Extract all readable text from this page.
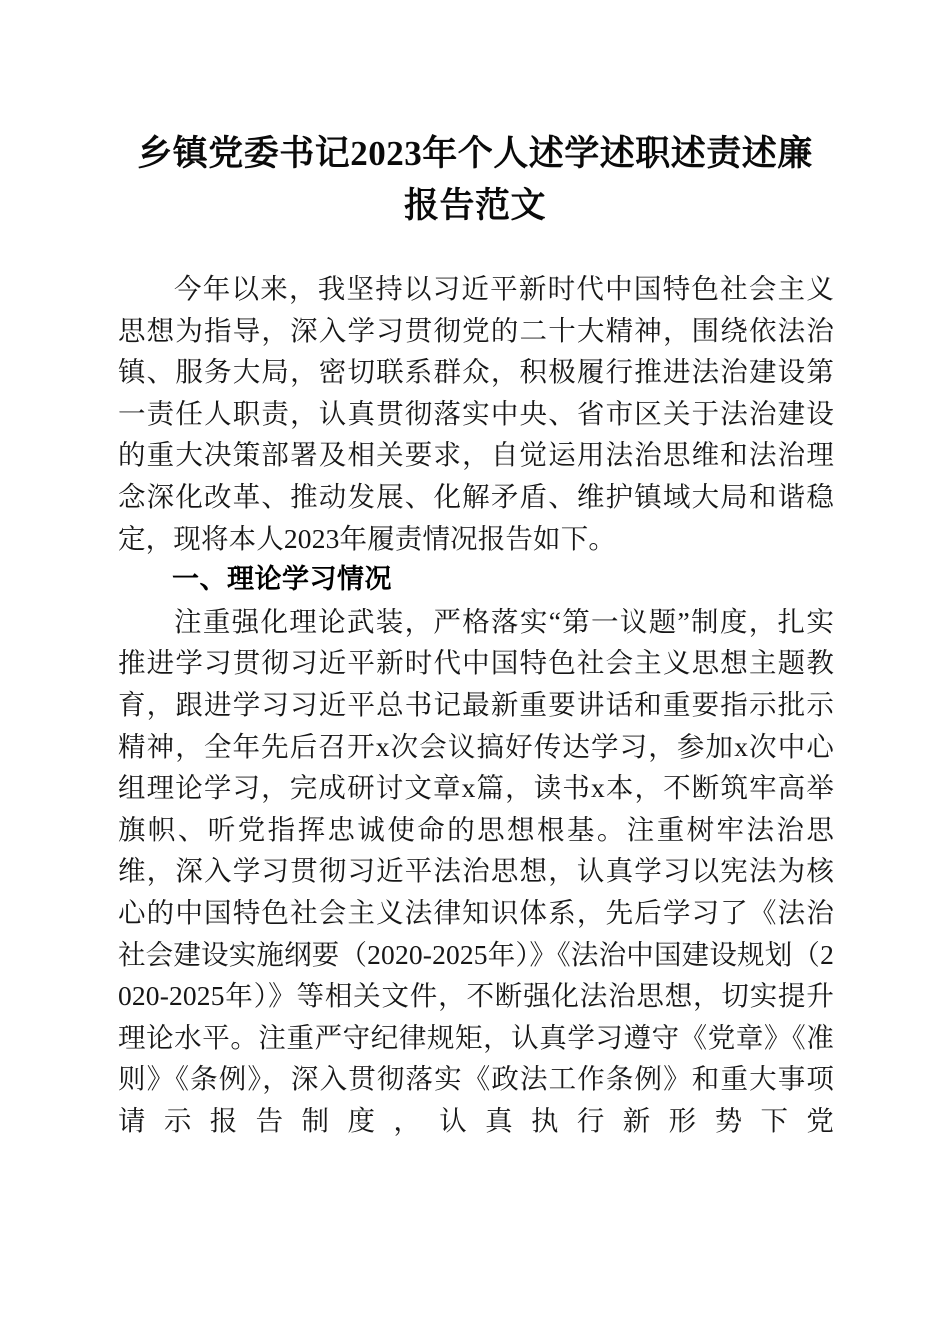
乡镇党委书记2023年个人述学述职述责述廉
报告范文

今年以来，我坚持以习近平新时代中国特色社会主义思想为指导，深入学习贯彻党的二十大精神，围绕依法治镇、服务大局，密切联系群众，积极履行推进法治建设第一责任人职责，认真贯彻落实中央、省市区关于法治建设的重大决策部署及相关要求，自觉运用法治思维和法治理念深化改革、推动发展、化解矛盾、维护镇域大局和谐稳定，现将本人2023年履责情况报告如下。

一、理论学习情况

注重强化理论武装，严格落实“第一议题”制度，扎实推进学习贯彻习近平新时代中国特色社会主义思想主题教育，跟进学习习近平总书记最新重要讲话和重要指示批示精神，全年先后召开x次会议搞好传达学习，参加x次中心组理论学习，完成研讨文章x篇，读书x本，不断筑牢高举旗帜、听党指挥忠诚使命的思想根基。注重树牢法治思维，深入学习贯彻习近平法治思想，认真学习以宪法为核心的中国特色社会主义法律知识体系，先后学习了《法治社会建设实施纲要（2020-2025年）》《法治中国建设规划（2020-2025年）》等相关文件，不断强化法治思想，切实提升理论水平。注重严守纪律规矩，认真学习遵守《党章》《准则》《条例》，深入贯彻落实《政法工作条例》和重大事项请示报告制度，认真执行新形势下党
